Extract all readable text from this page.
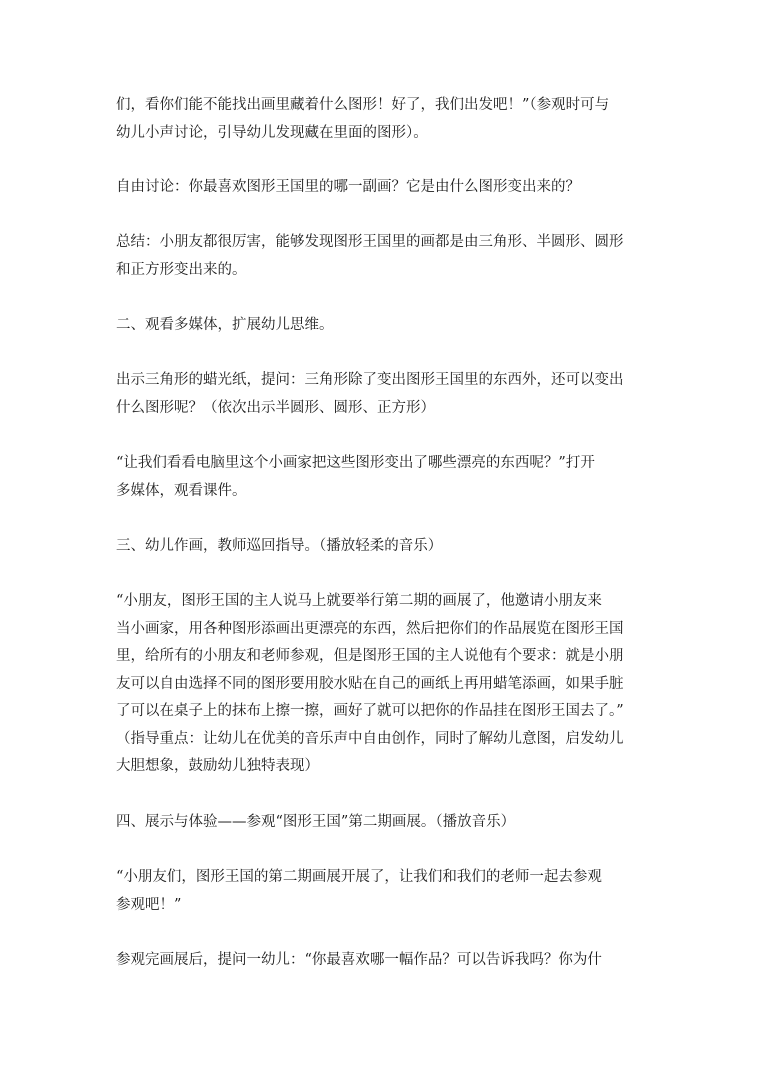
们，看你们能不能找出画里藏着什么图形！好了，我们出发吧！”（参观时可与
幼儿小声讨论，引导幼儿发现藏在里面的图形）。

自由讨论：你最喜欢图形王国里的哪一副画？它是由什么图形变出来的？

总结：小朋友都很厉害，能够发现图形王国里的画都是由三角形、半圆形、圆形
和正方形变出来的。

二、观看多媒体，扩展幼儿思维。

出示三角形的蜡光纸，提问：三角形除了变出图形王国里的东西外，还可以变出
什么图形呢？（依次出示半圆形、圆形、正方形）

“让我们看看电脑里这个小画家把这些图形变出了哪些漂亮的东西呢？”打开
多媒体，观看课件。

三、幼儿作画，教师巡回指导。（播放轻柔的音乐）

“小朋友，图形王国的主人说马上就要举行第二期的画展了，他邀请小朋友来
当小画家，用各种图形添画出更漂亮的东西，然后把你们的作品展览在图形王国
里，给所有的小朋友和老师参观，但是图形王国的主人说他有个要求：就是小朋
友可以自由选择不同的图形要用胶水贴在自己的画纸上再用蜡笔添画，如果手脏
了可以在桌子上的抹布上擦一擦，画好了就可以把你的作品挂在图形王国去了。”
（指导重点：让幼儿在优美的音乐声中自由创作，同时了解幼儿意图，启发幼儿
大胆想象，鼓励幼儿独特表现）

四、展示与体验——参观“图形王国”第二期画展。（播放音乐）

“小朋友们，图形王国的第二期画展开展了，让我们和我们的老师一起去参观
参观吧！”

参观完画展后，提问一幼儿：“你最喜欢哪一幅作品？可以告诉我吗？你为什
